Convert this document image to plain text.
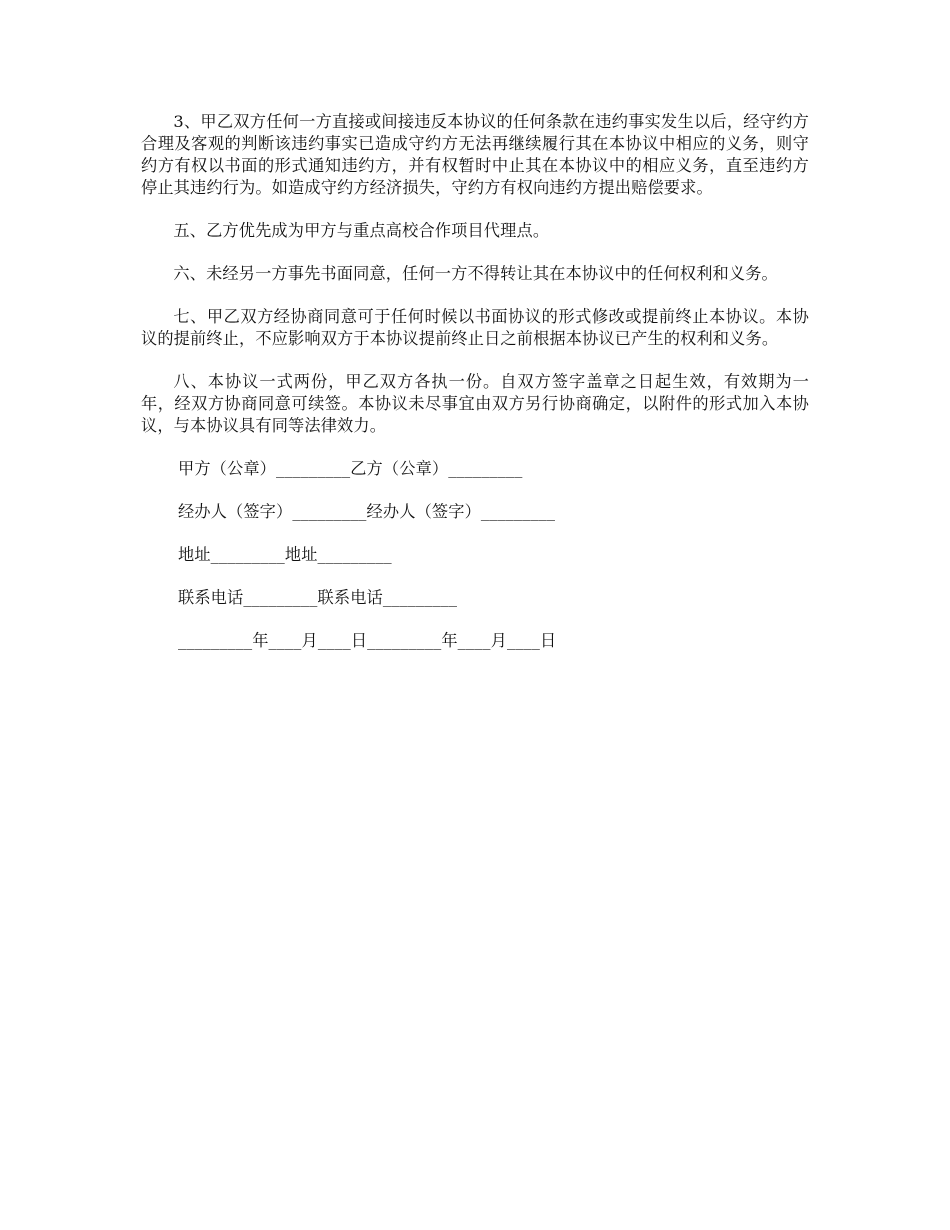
3、甲乙双方任何一方直接或间接违反本协议的任何条款在违约事实发生以后，经守约方合理及客观的判断该违约事实已造成守约方无法再继续履行其在本协议中相应的义务，则守约方有权以书面的形式通知违约方，并有权暂时中止其在本协议中的相应义务，直至违约方停止其违约行为。如造成守约方经济损失，守约方有权向违约方提出赔偿要求。

五、乙方优先成为甲方与重点高校合作项目代理点。

六、未经另一方事先书面同意，任何一方不得转让其在本协议中的任何权利和义务。

七、甲乙双方经协商同意可于任何时候以书面协议的形式修改或提前终止本协议。本协议的提前终止，不应影响双方于本协议提前终止日之前根据本协议已产生的权利和义务。

八、本协议一式两份，甲乙双方各执一份。自双方签字盖章之日起生效，有效期为一年，经双方协商同意可续签。本协议未尽事宜由双方另行协商确定，以附件的形式加入本协议，与本协议具有同等法律效力。

甲方（公章）_________乙方（公章）_________
经办人（签字）_________经办人（签字）_________
地址_________地址_________
联系电话_________联系电话_________
_________年____月____日_________年____月____日
